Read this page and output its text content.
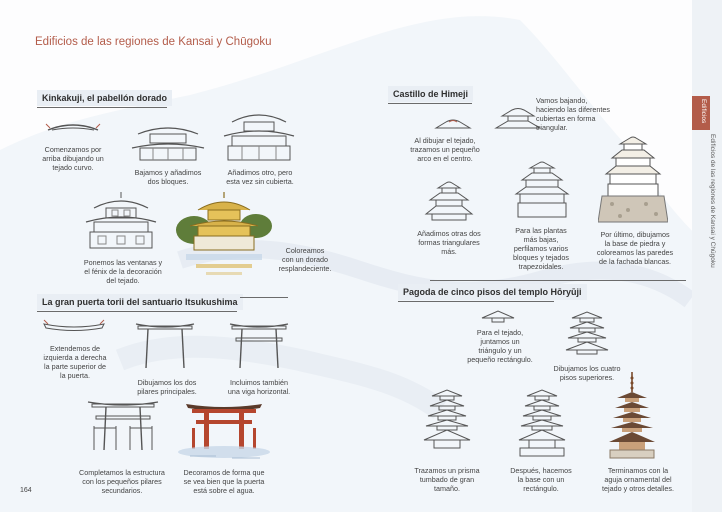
Edificios de las regiones de Kansai y Chūgoku
Kinkakuji, el pabellón dorado
Comenzamos por
arriba dibujando un
tejado curvo.
Bajamos y añadimos
dos bloques.
Añadimos otro, pero
esta vez sin cubierta.
Ponemos las ventanas y
el fénix de la decoración
del tejado.
Coloreamos
con un dorado
resplandeciente.
La gran puerta torii del santuario Itsukushima
Extendemos de
izquierda a derecha
la parte superior de
la puerta.
Dibujamos los dos
pilares principales.
Incluimos también
una viga horizontal.
Completamos la estructura
con los pequeños pilares
secundarios.
Decoramos de forma que
se vea bien que la puerta
está sobre el agua.
164
Castillo de Himeji
Al dibujar el tejado,
trazamos un pequeño
arco en el centro.
Vamos bajando,
haciendo las diferentes
cubiertas en forma
triangular.
Añadimos otras dos
formas triangulares
más.
Para las plantas
más bajas,
perfilamos varios
bloques y tejados
trapezoidales.
Por último, dibujamos
la base de piedra y
coloreamos las paredes
de la fachada blancas.
Pagoda de cinco pisos del templo Hōryūji
Para el tejado,
juntamos un
triángulo y un
pequeño rectángulo.
Dibujamos los cuatro
pisos superiores.
Trazamos un prisma
tumbado de gran
tamaño.
Después, hacemos
la base con un
rectángulo.
Terminamos con la
aguja ornamental del
tejado y otros detalles.
Edificios
Edificios de las regiones de Kansai y Chūgoku
